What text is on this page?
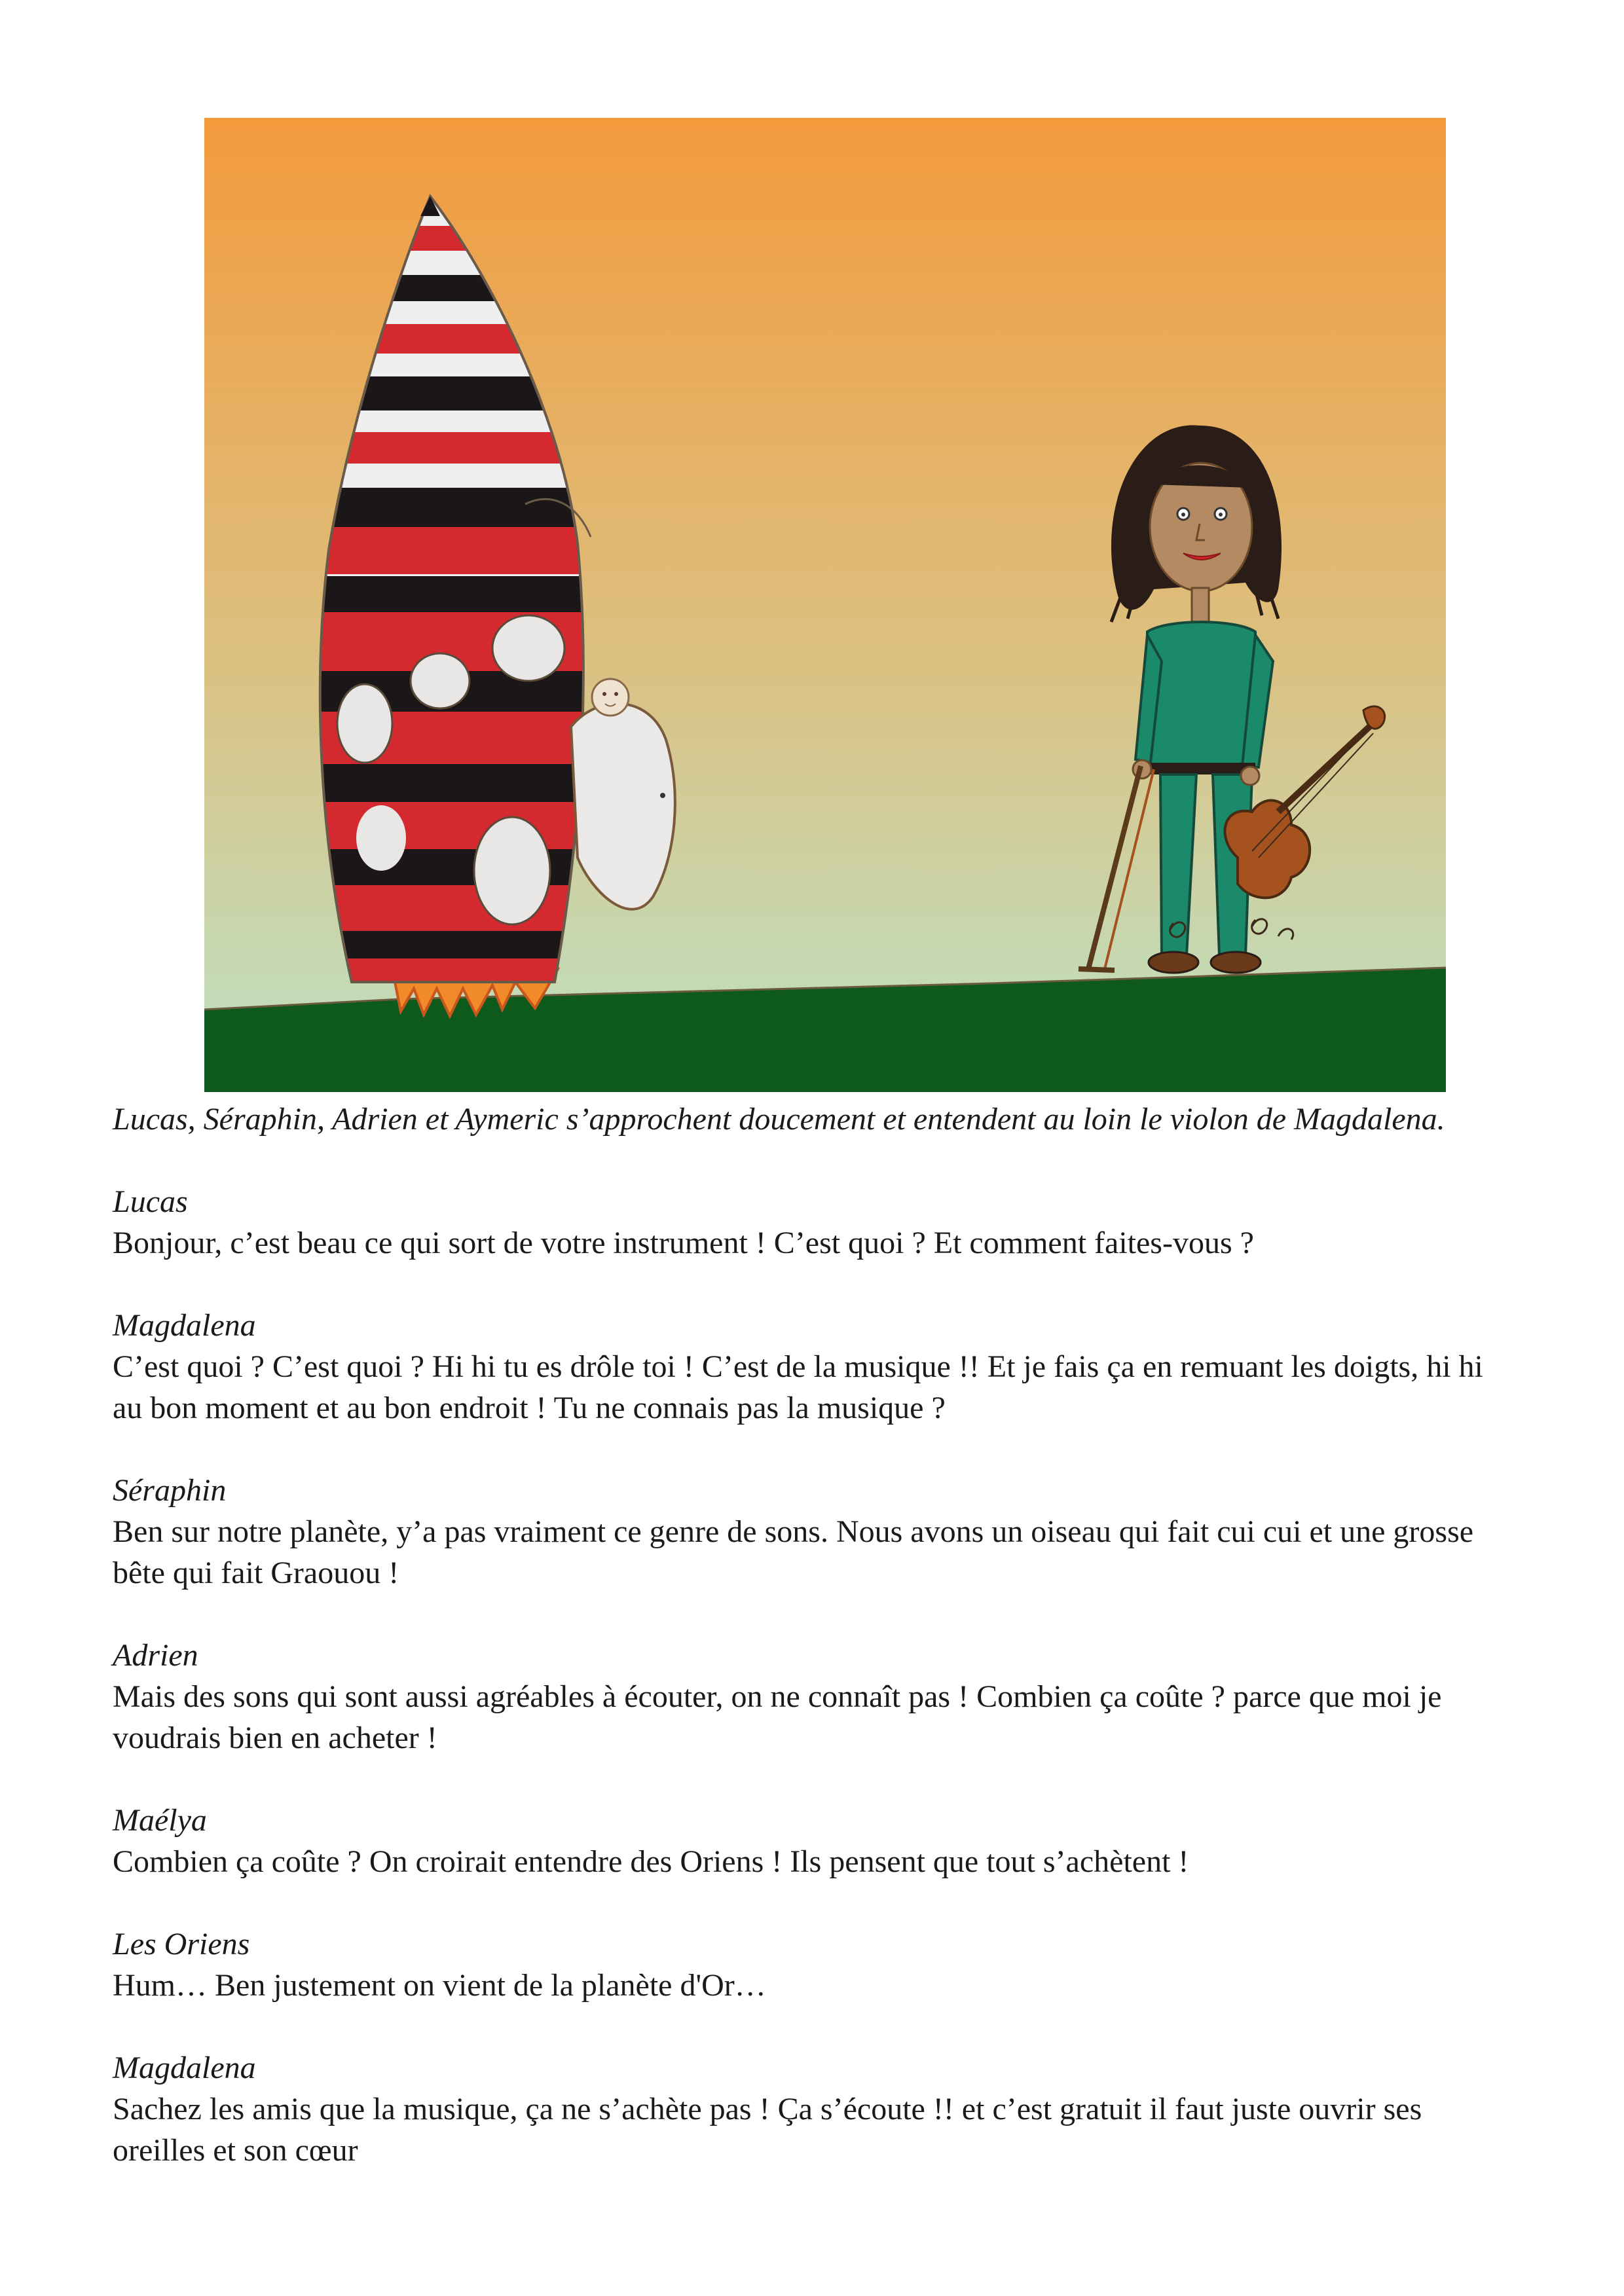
Lucas, Séraphin, Adrien et Aymeric s’approchent doucement et entendent au loin le violon de Magdalena.

Lucas
Bonjour, c’est beau ce qui sort de votre instrument ! C’est quoi ? Et comment faites-vous ?
Magdalena
C’est quoi ? C’est quoi ? Hi hi tu es drôle toi ! C’est de la musique !! Et je fais ça en remuant les doigts, hi hi au bon moment et au bon endroit ! Tu ne connais pas la musique ?
Séraphin
Ben sur notre planète, y’a pas vraiment ce genre de sons. Nous avons un oiseau qui fait cui cui et une grosse bête qui fait Graouou !
Adrien
Mais des sons qui sont aussi agréables à écouter, on ne connaît pas ! Combien ça coûte ? parce que moi je voudrais bien en acheter !
Maélya
Combien ça coûte ? On croirait entendre des Oriens ! Ils pensent que tout s’achètent !
Les Oriens
Hum… Ben justement on vient de la planète d'Or…
Magdalena
Sachez les amis que la musique, ça ne s’achète pas ! Ça s’écoute !! et c’est gratuit il faut juste ouvrir ses oreilles et son cœur
